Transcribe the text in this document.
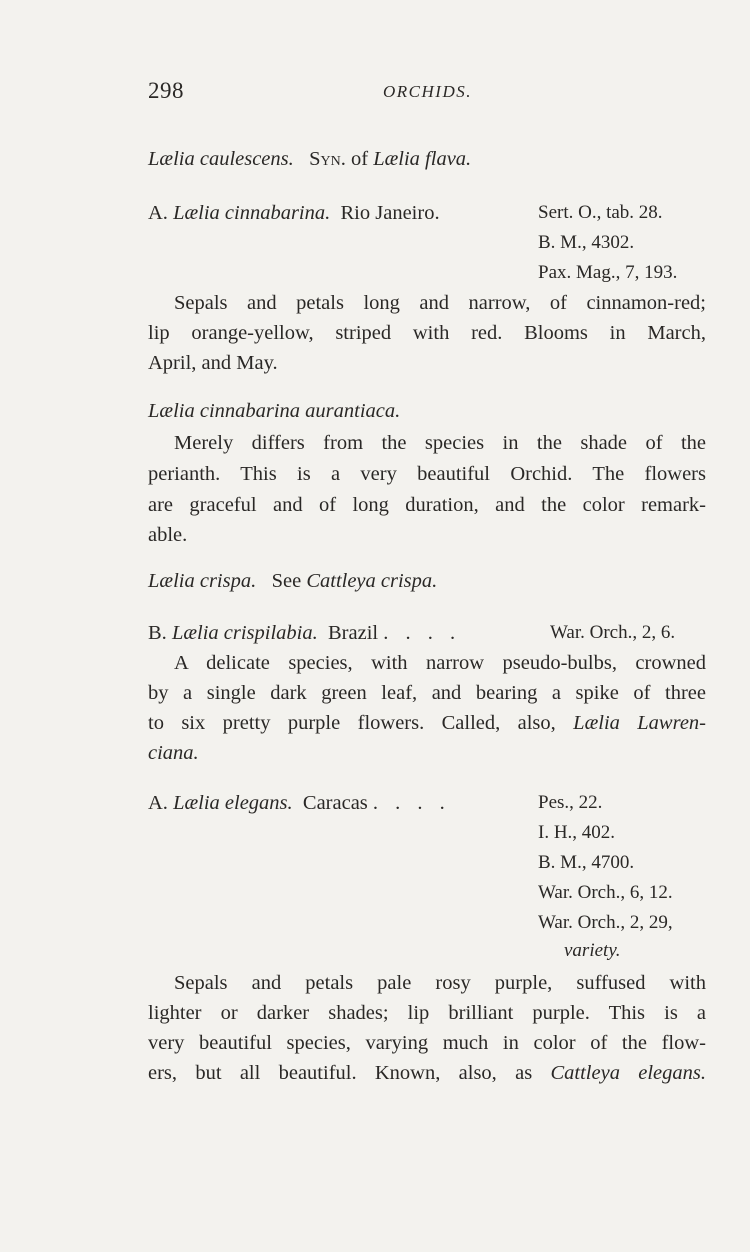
298	ORCHIDS.
Lælia caulescens. Syn. of Lælia flava.
A. Lælia cinnabarina. Rio Janeiro.	Sert. O., tab. 28.
B. M., 4302.
Pax. Mag., 7, 193.
Sepals and petals long and narrow, of cinnamon-red;
lip orange-yellow, striped with red. Blooms in March,
April, and May.
Lælia cinnabarina aurantiaca.
Merely differs from the species in the shade of the
perianth. This is a very beautiful Orchid. The flowers
are graceful and of long duration, and the color remark-
able.
Lælia crispa. See Cattleya crispa.
B. Lælia crispilabia. Brazil . . . .	War. Orch., 2, 6.
A delicate species, with narrow pseudo-bulbs, crowned
by a single dark green leaf, and bearing a spike of three
to six pretty purple flowers. Called, also, Lælia Lawren-
ciana.
A. Lælia elegans. Caracas . . . .	Pes., 22.
I. H., 402.
B. M., 4700.
War. Orch., 6, 12.
War. Orch., 2, 29,
variety.
Sepals and petals pale rosy purple, suffused with
lighter or darker shades; lip brilliant purple. This is a
very beautiful species, varying much in color of the flow-
ers, but all beautiful. Known, also, as Cattleya elegans.
